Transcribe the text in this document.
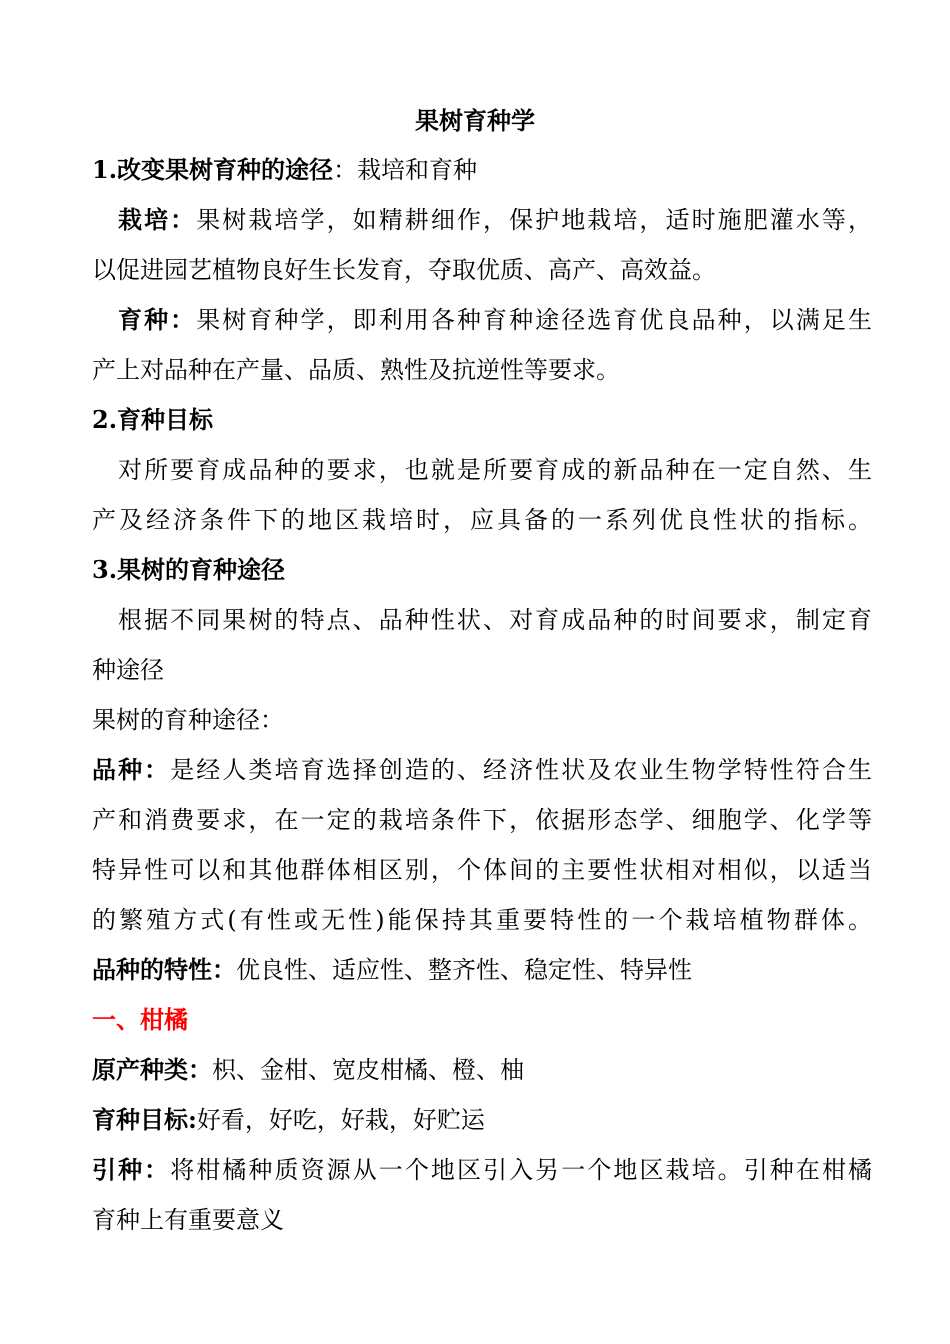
果树育种学
1.改变果树育种的途径：栽培和育种
栽培：果树栽培学，如精耕细作，保护地栽培，适时施肥灌水等，
以促进园艺植物良好生长发育，夺取优质、高产、高效益。
育种：果树育种学，即利用各种育种途径选育优良品种，以满足生
产上对品种在产量、品质、熟性及抗逆性等要求。
2.育种目标
对所要育成品种的要求，也就是所要育成的新品种在一定自然、生
产及经济条件下的地区栽培时，应具备的一系列优良性状的指标。
3.果树的育种途径
根据不同果树的特点、品种性状、对育成品种的时间要求，制定育
种途径
果树的育种途径：
品种：是经人类培育选择创造的、经济性状及农业生物学特性符合生
产和消费要求，在一定的栽培条件下，依据形态学、细胞学、化学等
特异性可以和其他群体相区别，个体间的主要性状相对相似，以适当
的繁殖方式(有性或无性)能保持其重要特性的一个栽培植物群体。
品种的特性：优良性、适应性、整齐性、稳定性、特异性
一、柑橘
原产种类：枳、金柑、宽皮柑橘、橙、柚
育种目标:好看，好吃，好栽，好贮运
引种：将柑橘种质资源从一个地区引入另一个地区栽培。引种在柑橘
育种上有重要意义
